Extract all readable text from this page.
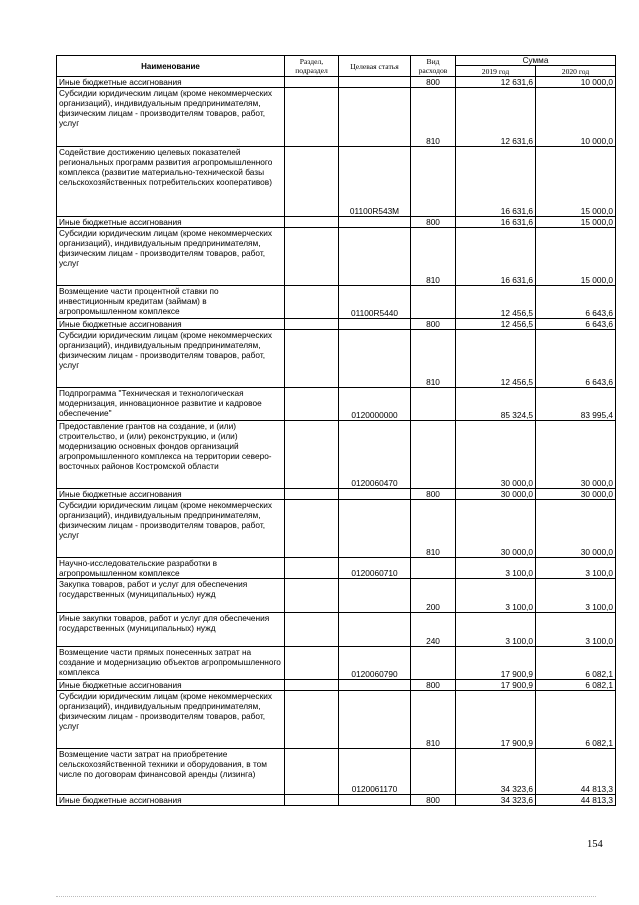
Наименование	Раздел, подраздел	Целевая статья	Вид расходов	Сумма	
				2019 год	2020 год
Иные бюджетные ассигнования			800	12 631,6	10 000,0
Субсидии юридическим лицам (кроме некоммерческих организаций), индивидуальным предпринимателям, физическим лицам - производителям товаров, работ, услуг			810	12 631,6	10 000,0
Содействие достижению целевых показателей региональных программ развития агропромышленного комплекса (развитие материально-технической базы сельскохозяйственных потребительских кооперативов)		01100R543M		16 631,6	15 000,0
Иные бюджетные ассигнования			800	16 631,6	15 000,0
Субсидии юридическим лицам (кроме некоммерческих организаций), индивидуальным предпринимателям, физическим лицам - производителям товаров, работ, услуг			810	16 631,6	15 000,0
Возмещение части процентной ставки по инвестиционным кредитам (займам) в агропромышленном комплексе		01100R5440		12 456,5	6 643,6
Иные бюджетные ассигнования			800	12 456,5	6 643,6
Субсидии юридическим лицам (кроме некоммерческих организаций), индивидуальным предпринимателям, физическим лицам - производителям товаров, работ, услуг			810	12 456,5	6 643,6
Подпрограмма "Техническая и технологическая модернизация, инновационное развитие и кадровое обеспечение"		0120000000		85 324,5	83 995,4
Предоставление грантов на создание, и (или) строительство, и (или) реконструкцию, и (или) модернизацию основных фондов организаций агропромышленного комплекса на территории северо-восточных районов Костромской области		0120060470		30 000,0	30 000,0
Иные бюджетные ассигнования			800	30 000,0	30 000,0
Субсидии юридическим лицам (кроме некоммерческих организаций), индивидуальным предпринимателям, физическим лицам - производителям товаров, работ, услуг			810	30 000,0	30 000,0
Научно-исследовательские разработки в агропромышленном комплексе		0120060710		3 100,0	3 100,0
Закупка товаров, работ и услуг для обеспечения государственных (муниципальных) нужд			200	3 100,0	3 100,0
Иные закупки товаров, работ и услуг для обеспечения государственных (муниципальных) нужд			240	3 100,0	3 100,0
Возмещение части прямых понесенных затрат на создание и модернизацию объектов агропромышленного комплекса		0120060790		17 900,9	6 082,1
Иные бюджетные ассигнования			800	17 900,9	6 082,1
Субсидии юридическим лицам (кроме некоммерческих организаций), индивидуальным предпринимателям, физическим лицам - производителям товаров, работ, услуг			810	17 900,9	6 082,1
Возмещение части затрат на приобретение сельскохозяйственной техники и оборудования, в том числе по договорам финансовой аренды (лизинга)		0120061170		34 323,6	44 813,3
Иные бюджетные ассигнования			800	34 323,6	44 813,3
154
